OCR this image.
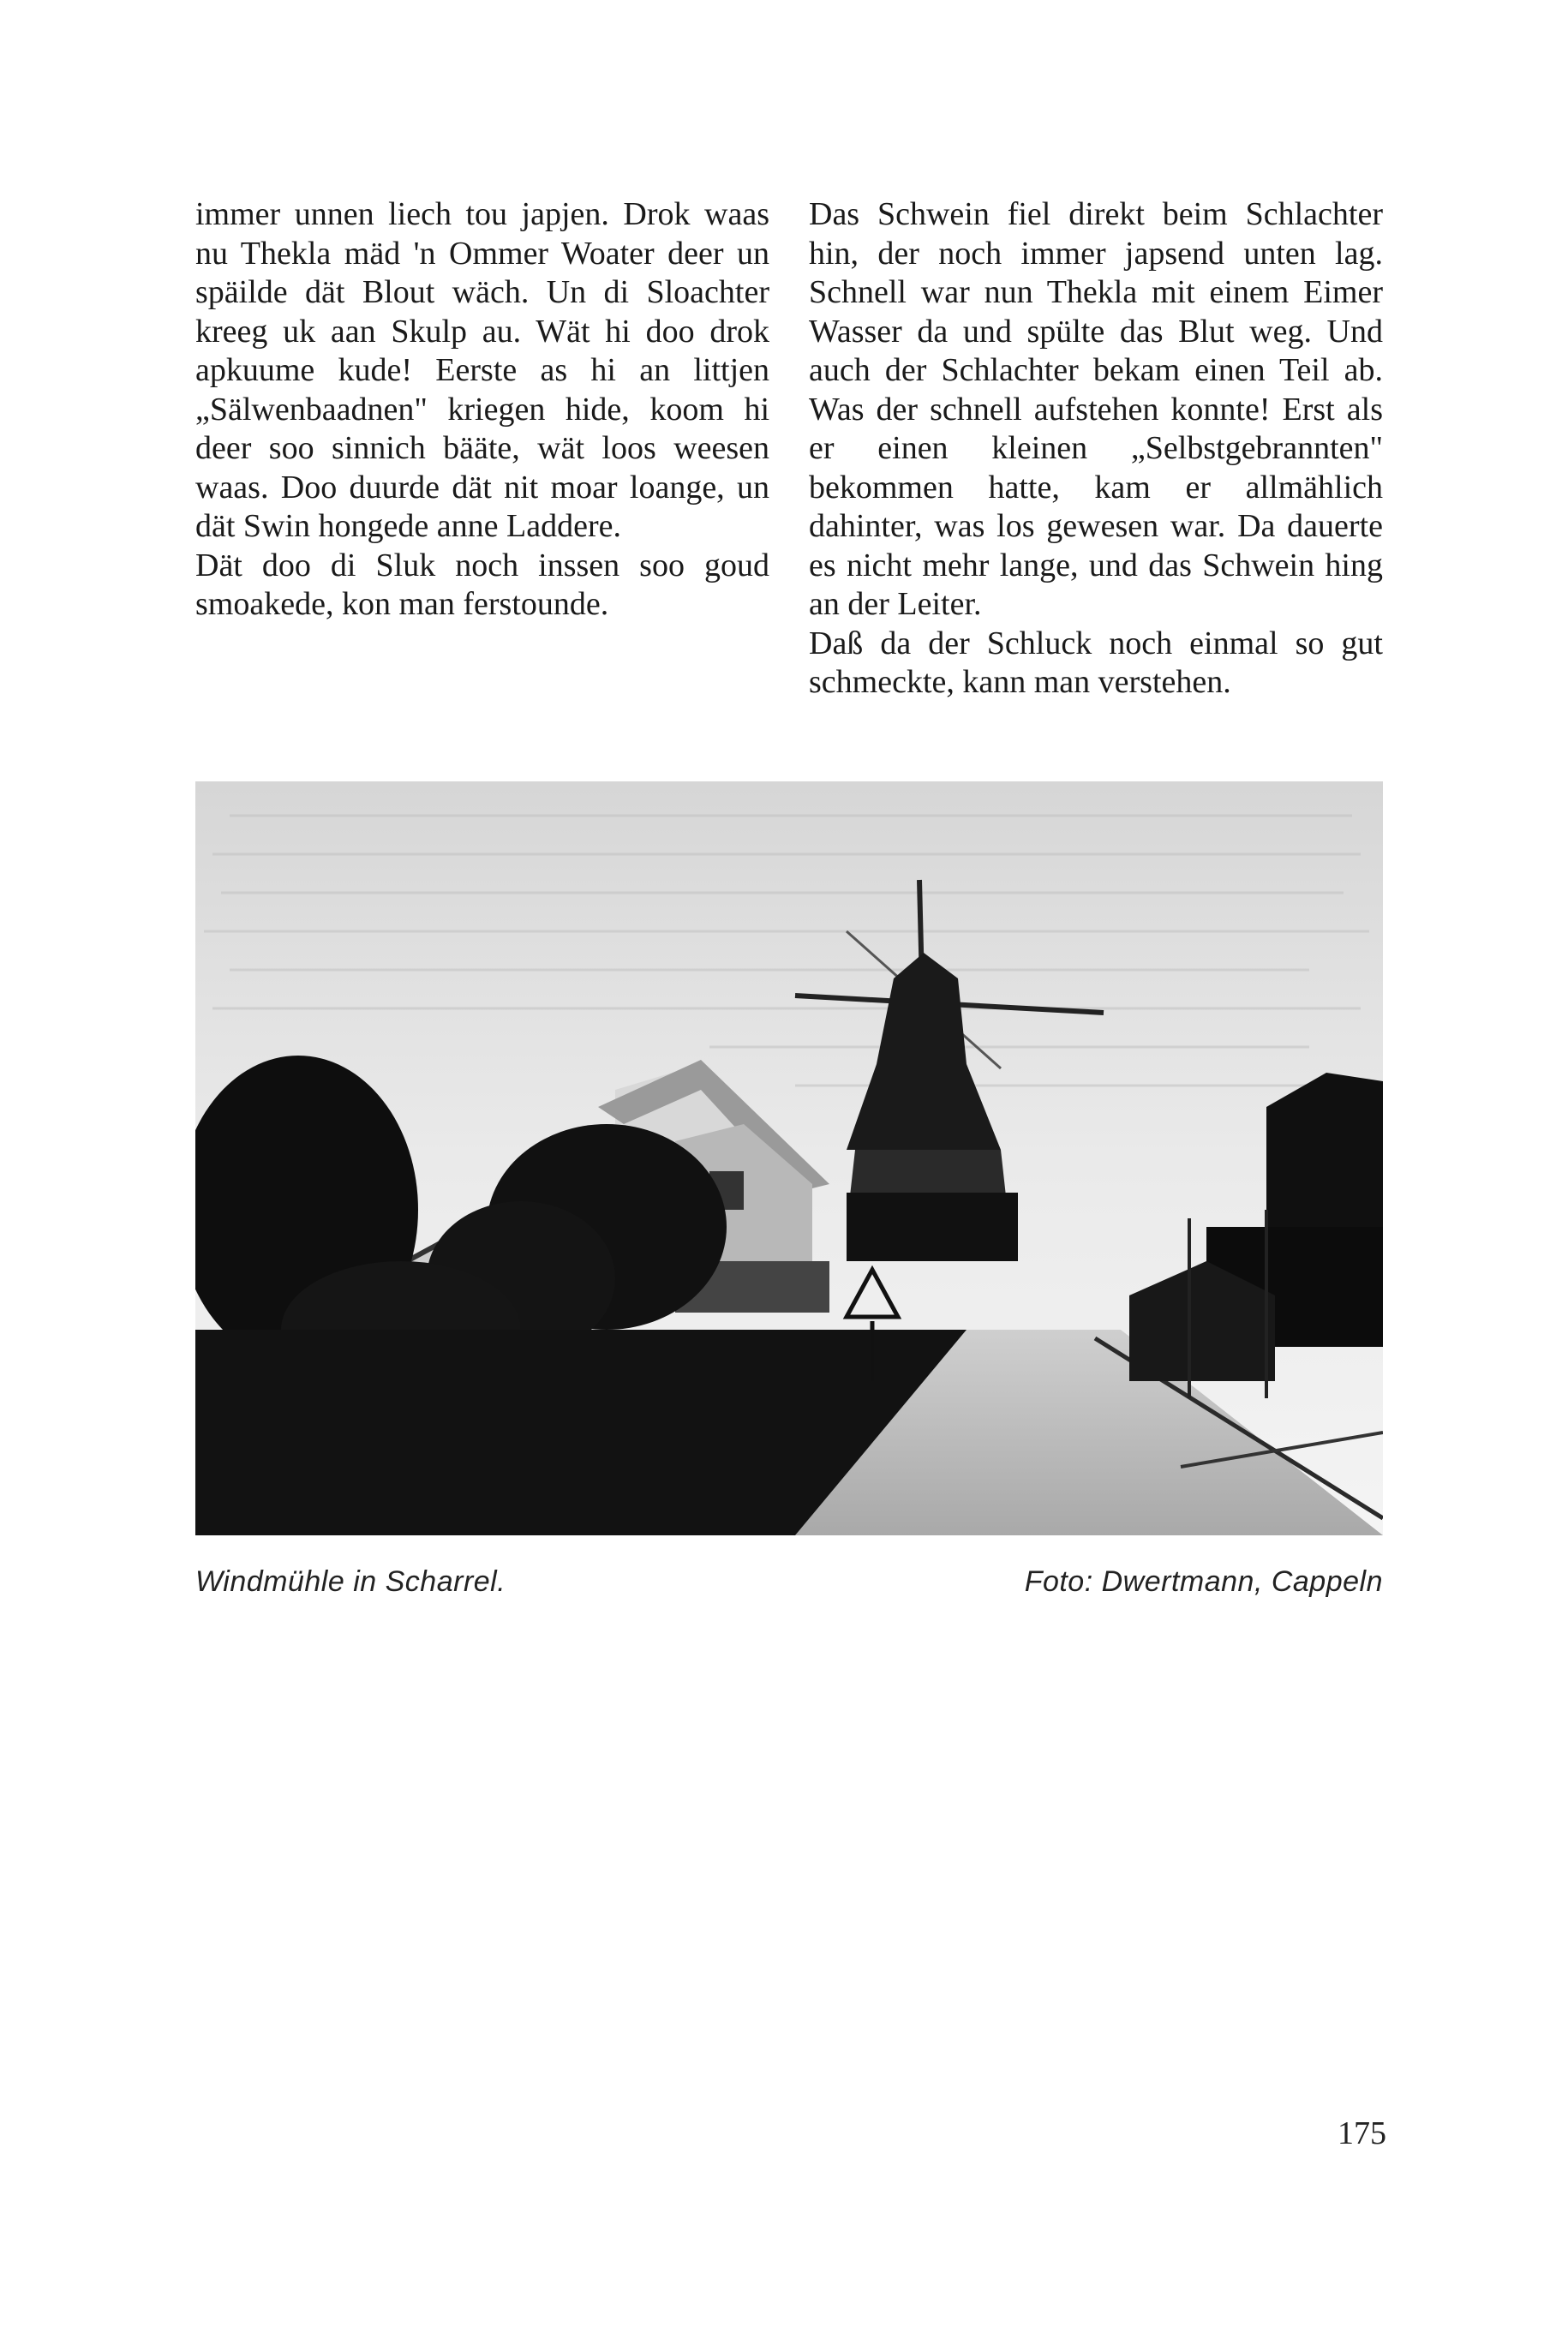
immer unnen liech tou japjen. Drok waas nu Thekla mäd 'n Ommer Woater deer un späilde dät Blout wäch. Un di Sloachter kreeg uk aan Skulp au. Wät hi doo drok apkuume kude! Eerste as hi an littjen „Sälwenbaadnen" kriegen hide, koom hi deer soo sinnich bääte, wät loos weesen waas. Doo duurde dät nit moar loange, un dät Swin hongede anne Laddere.

Dät doo di Sluk noch inssen soo goud smoakede, kon man ferstounde.

Das Schwein fiel direkt beim Schlachter hin, der noch immer japsend unten lag. Schnell war nun Thekla mit einem Eimer Wasser da und spülte das Blut weg. Und auch der Schlachter bekam einen Teil ab. Was der schnell aufstehen konnte! Erst als er einen kleinen „Selbstgebrannten" bekommen hatte, kam er allmählich dahinter, was los gewesen war. Da dauerte es nicht mehr lange, und das Schwein hing an der Leiter.

Daß da der Schluck noch einmal so gut schmeckte, kann man verstehen.

Windmühle in Scharrel.	Foto: Dwertmann, Cappeln
175
